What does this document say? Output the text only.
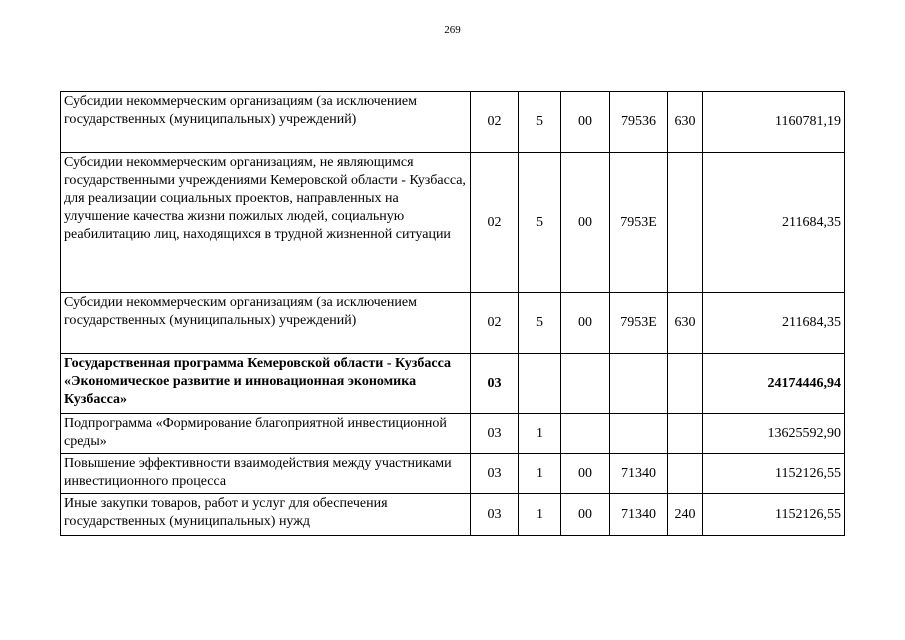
269
Субсидии некоммерческим организациям (за исключением государственных (муниципальных) учреждений)	02	5	00	79536	630	1160781,19
Субсидии некоммерческим организациям, не являющимся государственными учреждениями Кемеровской области - Кузбасса, для реализации социальных проектов, направленных на улучшение качества жизни пожилых людей, социальную реабилитацию лиц, находящихся в трудной жизненной ситуации	02	5	00	7953Е		211684,35
Субсидии некоммерческим организациям (за исключением государственных (муниципальных) учреждений)	02	5	00	7953Е	630	211684,35
Государственная программа Кемеровской области - Кузбасса «Экономическое развитие и инновационная экономика Кузбасса»	03					24174446,94
Подпрограмма «Формирование благоприятной инвестиционной среды»	03	1				13625592,90
Повышение эффективности взаимодействия между участниками инвестиционного процесса	03	1	00	71340		1152126,55
Иные закупки товаров, работ и услуг для обеспечения государственных (муниципальных) нужд	03	1	00	71340	240	1152126,55
